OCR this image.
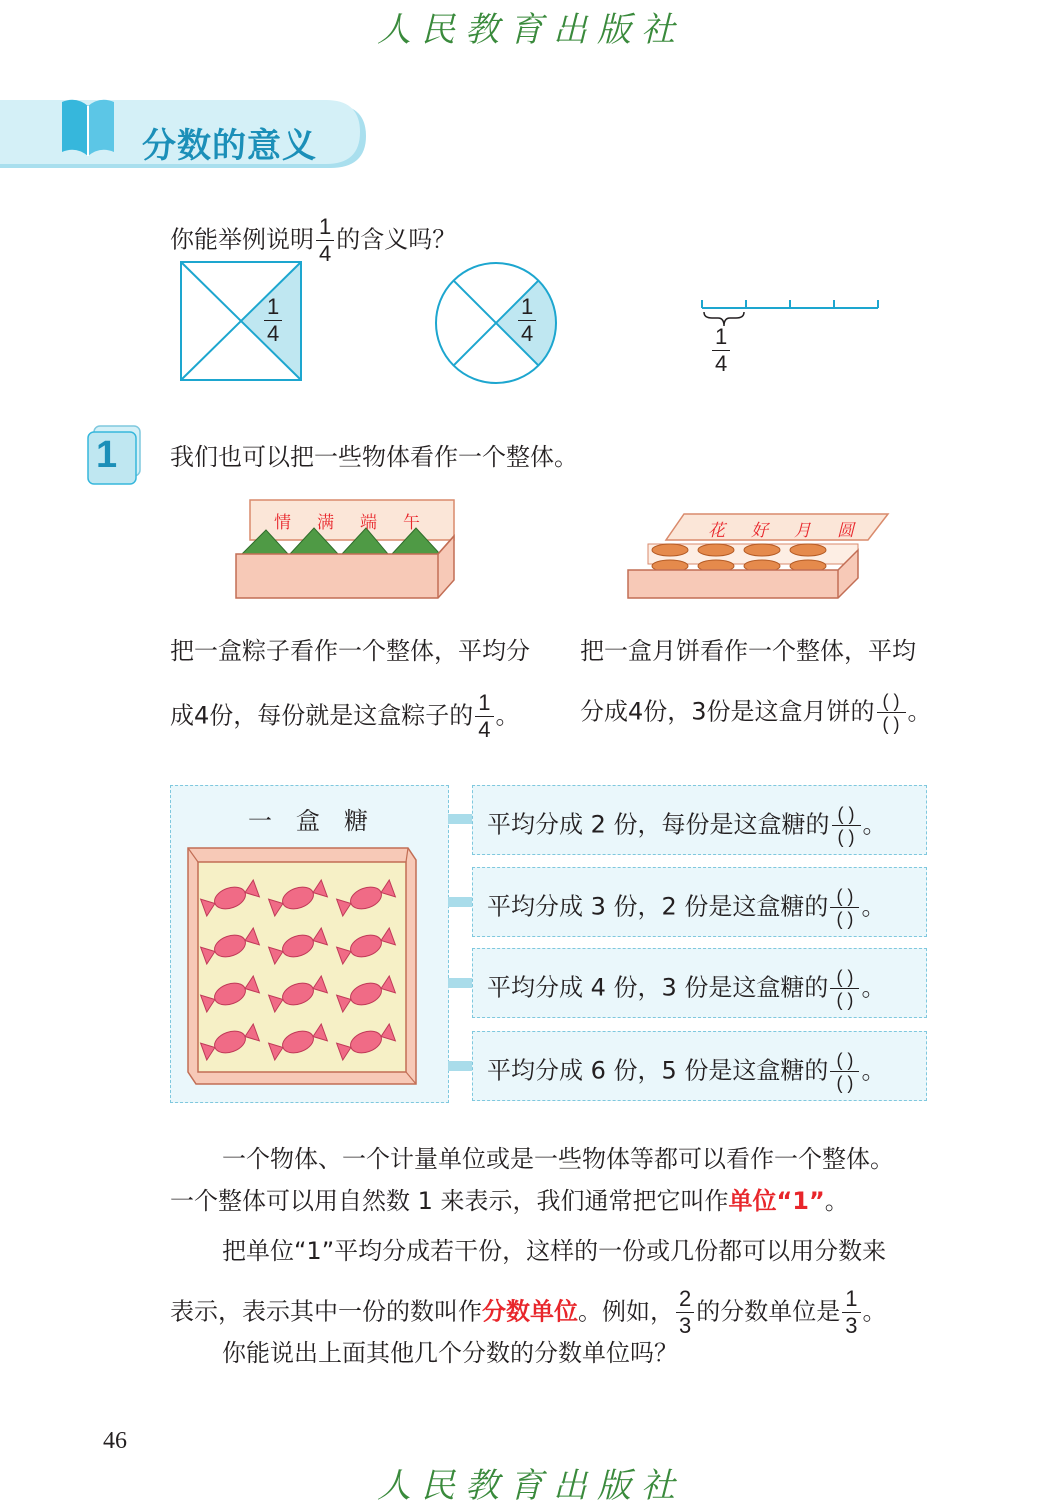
人民教育出版社
分数的意义
你能举例说明 $\frac{1}{4}$ 的含义吗？
$\frac{1}{4}$	$\frac{1}{4}$
$\frac{1}{4}$
1 我们也可以把一些物体看作一个整体。
情 满 端 午	花 好 月 圆
把一盒粽子看作一个整体，平均分
成4份，每份就是这盒粽子的 $\frac{1}{4}$ 。
把一盒月饼看作一个整体，平均
分成4份，3份是这盒月饼的 $\frac{( )}{( )}$ 。
一　盒　糖	平均分成 2 份，每份是这盒糖的 $\frac{( )}{( )}$ 。
平均分成 3 份，2 份是这盒糖的 $\frac{( )}{( )}$ 。
平均分成 4 份，3 份是这盒糖的 $\frac{( )}{( )}$ 。
平均分成 6 份，5 份是这盒糖的 $\frac{( )}{( )}$ 。
一个物体、一个计量单位或是一些物体等都可以看作一个整体。
一个整体可以用自然数 1 来表示，我们通常把它叫作单位“1”。
把单位“1”平均分成若干份，这样的一份或几份都可以用分数来
表示，表示其中一份的数叫作分数单位。例如， $\frac{2}{3}$ 的分数单位是 $\frac{1}{3}$ 。
你能说出上面其他几个分数的分数单位吗？
46
人民教育出版社
